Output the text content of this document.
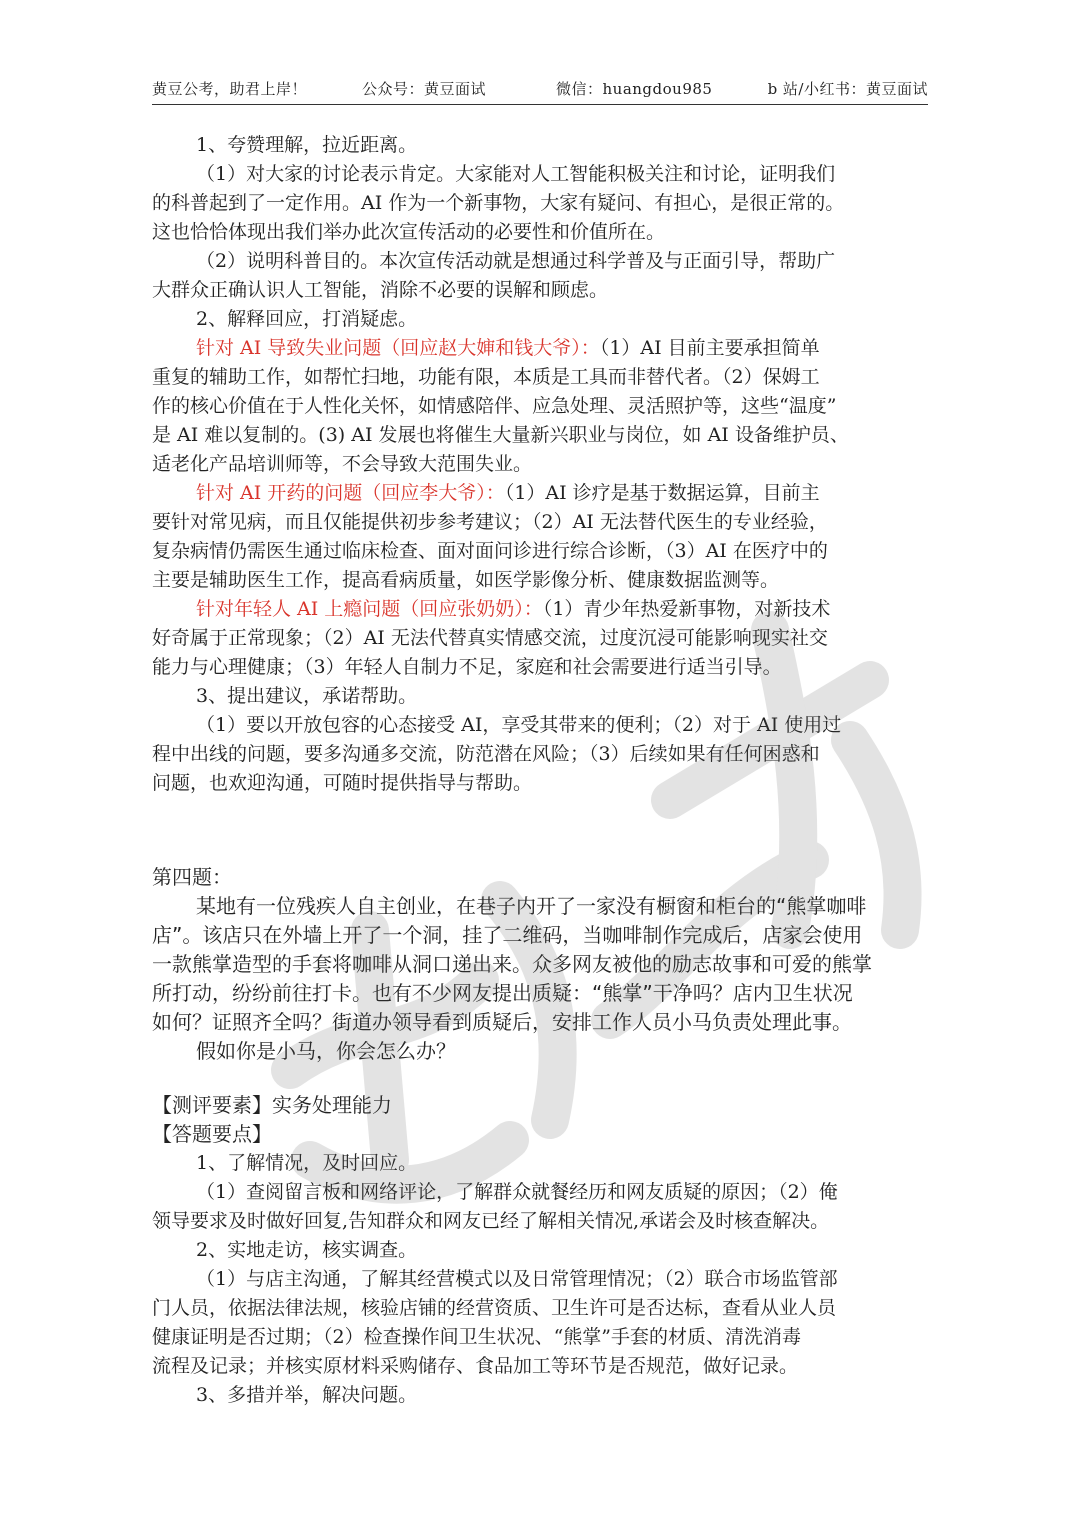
黄豆公考，助君上岸！	公众号：黄豆面试	微信：huangdou985	b 站/小红书：黄豆面试
1、夸赞理解，拉近距离。
（1）对大家的讨论表示肯定。大家能对人工智能积极关注和讨论，证明我们
的科普起到了一定作用。AI 作为一个新事物，大家有疑问、有担心，是很正常的。
这也恰恰体现出我们举办此次宣传活动的必要性和价值所在。
（2）说明科普目的。本次宣传活动就是想通过科学普及与正面引导，帮助广
大群众正确认识人工智能，消除不必要的误解和顾虑。
2、解释回应，打消疑虑。
针对 AI 导致失业问题（回应赵大婶和钱大爷）：（1）AI 目前主要承担简单
重复的辅助工作，如帮忙扫地，功能有限，本质是工具而非替代者。（2）保姆工
作的核心价值在于人性化关怀，如情感陪伴、应急处理、灵活照护等，这些“温度”
是 AI 难以复制的。(3) AI 发展也将催生大量新兴职业与岗位，如 AI 设备维护员、
适老化产品培训师等，不会导致大范围失业。
针对 AI 开药的问题（回应李大爷）：（1）AI 诊疗是基于数据运算，目前主
要针对常见病，而且仅能提供初步参考建议；（2）AI 无法替代医生的专业经验，
复杂病情仍需医生通过临床检查、面对面问诊进行综合诊断，（3）AI 在医疗中的
主要是辅助医生工作，提高看病质量，如医学影像分析、健康数据监测等。
针对年轻人 AI 上瘾问题（回应张奶奶）：（1）青少年热爱新事物，对新技术
好奇属于正常现象；（2）AI 无法代替真实情感交流，过度沉浸可能影响现实社交
能力与心理健康；（3）年轻人自制力不足，家庭和社会需要进行适当引导。
3、提出建议，承诺帮助。
（1）要以开放包容的心态接受 AI，享受其带来的便利；（2）对于 AI 使用过
程中出线的问题，要多沟通多交流，防范潜在风险；（3）后续如果有任何困惑和
问题，也欢迎沟通，可随时提供指导与帮助。
第四题：
某地有一位残疾人自主创业，在巷子内开了一家没有橱窗和柜台的“熊掌咖啡
店”。该店只在外墙上开了一个洞，挂了二维码，当咖啡制作完成后，店家会使用
一款熊掌造型的手套将咖啡从洞口递出来。众多网友被他的励志故事和可爱的熊掌
所打动，纷纷前往打卡。也有不少网友提出质疑：“熊掌”干净吗？店内卫生状况
如何？证照齐全吗？街道办领导看到质疑后，安排工作人员小马负责处理此事。
假如你是小马，你会怎么办？
【测评要素】实务处理能力
【答题要点】
1、了解情况，及时回应。
（1）查阅留言板和网络评论，了解群众就餐经历和网友质疑的原因；（2）俺
领导要求及时做好回复,告知群众和网友已经了解相关情况,承诺会及时核查解决。
2、实地走访，核实调查。
（1）与店主沟通，了解其经营模式以及日常管理情况；（2）联合市场监管部
门人员，依据法律法规，核验店铺的经营资质、卫生许可是否达标，查看从业人员
健康证明是否过期；（2）检查操作间卫生状况、“熊掌”手套的材质、清洗消毒
流程及记录；并核实原材料采购储存、食品加工等环节是否规范，做好记录。
3、多措并举，解决问题。
